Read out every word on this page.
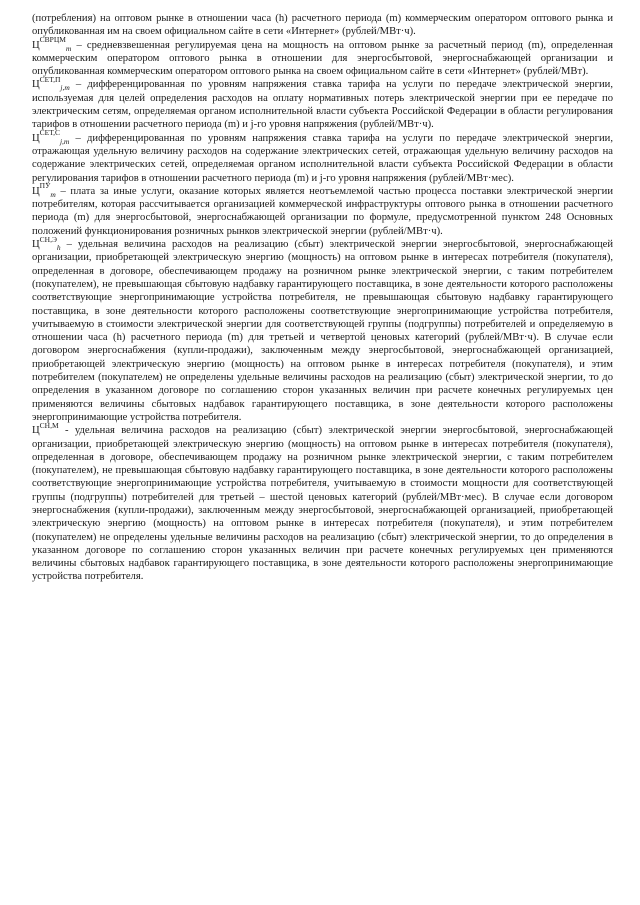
(потребления) на оптовом рынке в отношении часа (h) расчетного периода (m) коммерческим оператором оптового рынка и опубликованная им на своем официальном сайте в сети «Интернет» (рублей/МВт·ч).

$Ц^{СВРЦМ}_m$ – средневзвешенная регулируемая цена на мощность на оптовом рынке за расчетный период (m), определенная коммерческим оператором оптового рынка в отношении для энергосбытовой, энергоснабжающей организации и опубликованная коммерческим оператором оптового рынка на своем официальном сайте в сети «Интернет» (рублей/МВт).

$Ц^{СЕТ,П}_{j,m}$ – дифференцированная по уровням напряжения ставка тарифа на услуги по передаче электрической энергии, используемая для целей определения расходов на оплату нормативных потерь электрической энергии при ее передаче по электрическим сетям, определяемая органом исполнительной власти субъекта Российской Федерации в области регулирования тарифов в отношении расчетного периода (m) и j-го уровня напряжения (рублей/МВт·ч).

$Ц^{СЕТ,С}_{j,m}$ – дифференцированная по уровням напряжения ставка тарифа на услуги по передаче электрической энергии, отражающая удельную величину расходов на содержание электрических сетей, отражающая удельную величину расходов на содержание электрических сетей, определяемая органом исполнительной власти субъекта Российской Федерации в области регулирования тарифов в отношении расчетного периода (m) и j-го уровня напряжения (рублей/МВт·мес).

$Ц^{ПУ}_m$ – плата за иные услуги, оказание которых является неотъемлемой частью процесса поставки электрической энергии потребителям, которая рассчитывается организацией коммерческой инфраструктуры оптового рынка в отношении расчетного периода (m) для энергосбытовой, энергоснабжающей организации по формуле, предусмотренной пунктом 248 Основных положений функционирования розничных рынков электрической энергии (рублей/МВт·ч).

$Ц^{СН,Э}_h$ – удельная величина расходов на реализацию (сбыт) электрической энергии энергосбытовой, энергоснабжающей организации, приобретающей электрическую энергию (мощность) на оптовом рынке в интересах потребителя (покупателя), определенная в договоре, обеспечивающем продажу на розничном рынке электрической энергии, с таким потребителем (покупателем), не превышающая сбытовую надбавку гарантирующего поставщика, в зоне деятельности которого расположены соответствующие энергопринимающие устройства потребителя, не превышающая сбытовую надбавку гарантирующего поставщика, в зоне деятельности которого расположены соответствующие энергопринимающие устройства потребителя, учитываемую в стоимости электрической энергии для соответствующей группы (подгруппы) потребителей и определяемую в отношении часа (h) расчетного периода (m) для третьей и четвертой ценовых категорий (рублей/МВт·ч). В случае если договором энергоснабжения (купли-продажи), заключенным между энергосбытовой, энергоснабжающей организацией, приобретающей электрическую энергию (мощность) на оптовом рынке в интересах потребителя (покупателя), и этим потребителем (покупателем) не определены удельные величины расходов на реализацию (сбыт) электрической энергии, то до определения в указанном договоре по соглашению сторон указанных величин при расчете конечных регулируемых цен применяются величины сбытовых надбавок гарантирующего поставщика, в зоне деятельности которого расположены энергопринимающие устройства потребителя.

$Ц^{СН,М}$ - удельная величина расходов на реализацию (сбыт) электрической энергии энергосбытовой, энергоснабжающей организации, приобретающей электрическую энергию (мощность) на оптовом рынке в интересах потребителя (покупателя), определенная в договоре, обеспечивающем продажу на розничном рынке электрической энергии, с таким потребителем (покупателем), не превышающая сбытовую надбавку гарантирующего поставщика, в зоне деятельности которого расположены соответствующие энергопринимающие устройства потребителя, учитываемую в стоимости мощности для соответствующей группы (подгруппы) потребителей для третьей – шестой ценовых категорий (рублей/МВт·мес). В случае если договором энергоснабжения (купли-продажи), заключенным между энергосбытовой, энергоснабжающей организацией, приобретающей электрическую энергию (мощность) на оптовом рынке в интересах потребителя (покупателя), и этим потребителем (покупателем) не определены удельные величины расходов на реализацию (сбыт) электрической энергии, то до определения в указанном договоре по соглашению сторон указанных величин при расчете конечных регулируемых цен применяются величины сбытовых надбавок гарантирующего поставщика, в зоне деятельности которого расположены энергопринимающие устройства потребителя.
